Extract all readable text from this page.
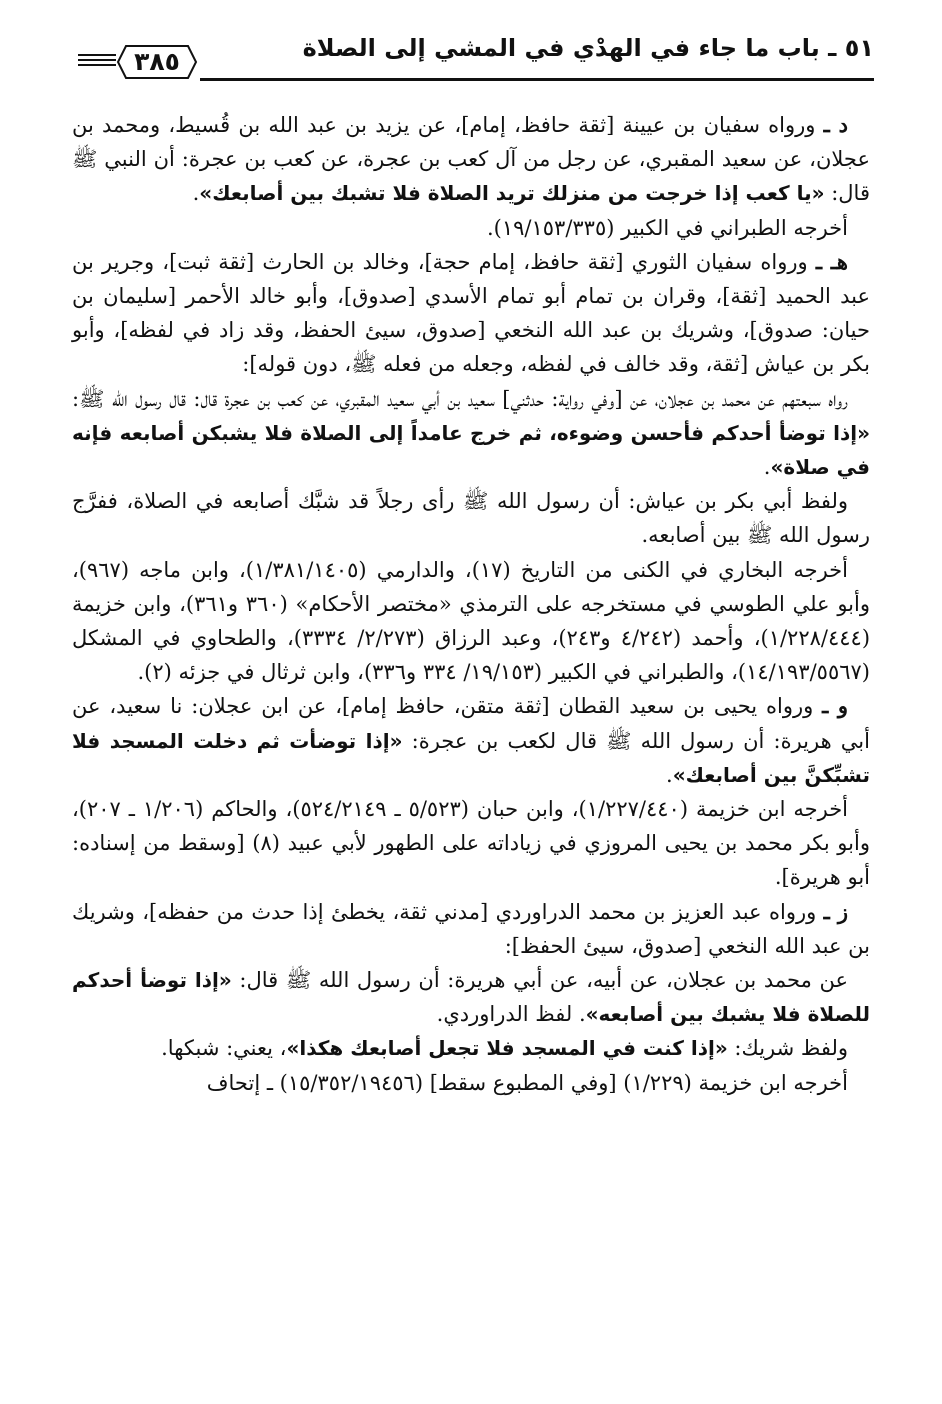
٥١ ـ باب ما جاء في الهدْي في المشي إلى الصلاة
٣٨٥

د ـ ورواه سفيان بن عيينة [ثقة حافظ، إمام]، عن يزيد بن عبد الله بن قُسيط، ومحمد بن عجلان، عن سعيد المقبري، عن رجل من آل كعب بن عجرة، عن كعب بن عجرة: أن النبي ﷺ قال: «يا كعب إذا خرجت من منزلك تريد الصلاة فلا تشبك بين أصابعك».

أخرجه الطبراني في الكبير (١٩/١٥٣/٣٣٥).

هـ ـ ورواه سفيان الثوري [ثقة حافظ، إمام حجة]، وخالد بن الحارث [ثقة ثبت]، وجرير بن عبد الحميد [ثقة]، وقران بن تمام أبو تمام الأسدي [صدوق]، وأبو خالد الأحمر [سليمان بن حيان: صدوق]، وشريك بن عبد الله النخعي [صدوق، سيئ الحفظ، وقد زاد في لفظه]، وأبو بكر بن عياش [ثقة، وقد خالف في لفظه، وجعله من فعله ﷺ، دون قوله]:

رواه سبعتهم عن محمد بن عجلان، عن [وفي رواية: حدثني] سعيد بن أبي سعيد المقبري، عن كعب بن عجرة قال: قال رسول الله ﷺ: «إذا توضأ أحدكم فأحسن وضوءه، ثم خرج عامداً إلى الصلاة فلا يشبكن أصابعه فإنه في صلاة».

ولفظ أبي بكر بن عياش: أن رسول الله ﷺ رأى رجلاً قد شبَّك أصابعه في الصلاة، ففرَّج رسول الله ﷺ بين أصابعه.

أخرجه البخاري في الكنى من التاريخ (١٧)، والدارمي (١/٣٨١/١٤٠٥)، وابن ماجه (٩٦٧)، وأبو علي الطوسي في مستخرجه على الترمذي «مختصر الأحكام» (٣٦٠ و٣٦١)، وابن خزيمة (١/٢٢٨/٤٤٤)، وأحمد (٤/٢٤٢ و٢٤٣)، وعبد الرزاق (٢/٢٧٣/ ٣٣٣٤)، والطحاوي في المشكل (١٤/١٩٣/٥٥٦٧)، والطبراني في الكبير (١٩/١٥٣/ ٣٣٤ و٣٣٦)، وابن ثرثال في جزئه (٢).

و ـ ورواه يحيى بن سعيد القطان [ثقة متقن، حافظ إمام]، عن ابن عجلان: نا سعيد، عن أبي هريرة: أن رسول الله ﷺ قال لكعب بن عجرة: «إذا توضأت ثم دخلت المسجد فلا تشبِّكنَّ بين أصابعك».

أخرجه ابن خزيمة (١/٢٢٧/٤٤٠)، وابن حبان (٥/٥٢٣ ـ ٥٢٤/٢١٤٩)، والحاكم (١/٢٠٦ ـ ٢٠٧)، وأبو بكر محمد بن يحيى المروزي في زياداته على الطهور لأبي عبيد (٨) [وسقط من إسناده: أبو هريرة].

ز ـ ورواه عبد العزيز بن محمد الدراوردي [مدني ثقة، يخطئ إذا حدث من حفظه]، وشريك بن عبد الله النخعي [صدوق، سيئ الحفظ]:

عن محمد بن عجلان، عن أبيه، عن أبي هريرة: أن رسول الله ﷺ قال: «إذا توضأ أحدكم للصلاة فلا يشبك بين أصابعه». لفظ الدراوردي.

ولفظ شريك: «إذا كنت في المسجد فلا تجعل أصابعك هكذا»، يعني: شبكها.

أخرجه ابن خزيمة (١/٢٢٩) [وفي المطبوع سقط] (١٥/٣٥٢/١٩٤٥٦) ـ إتحاف
